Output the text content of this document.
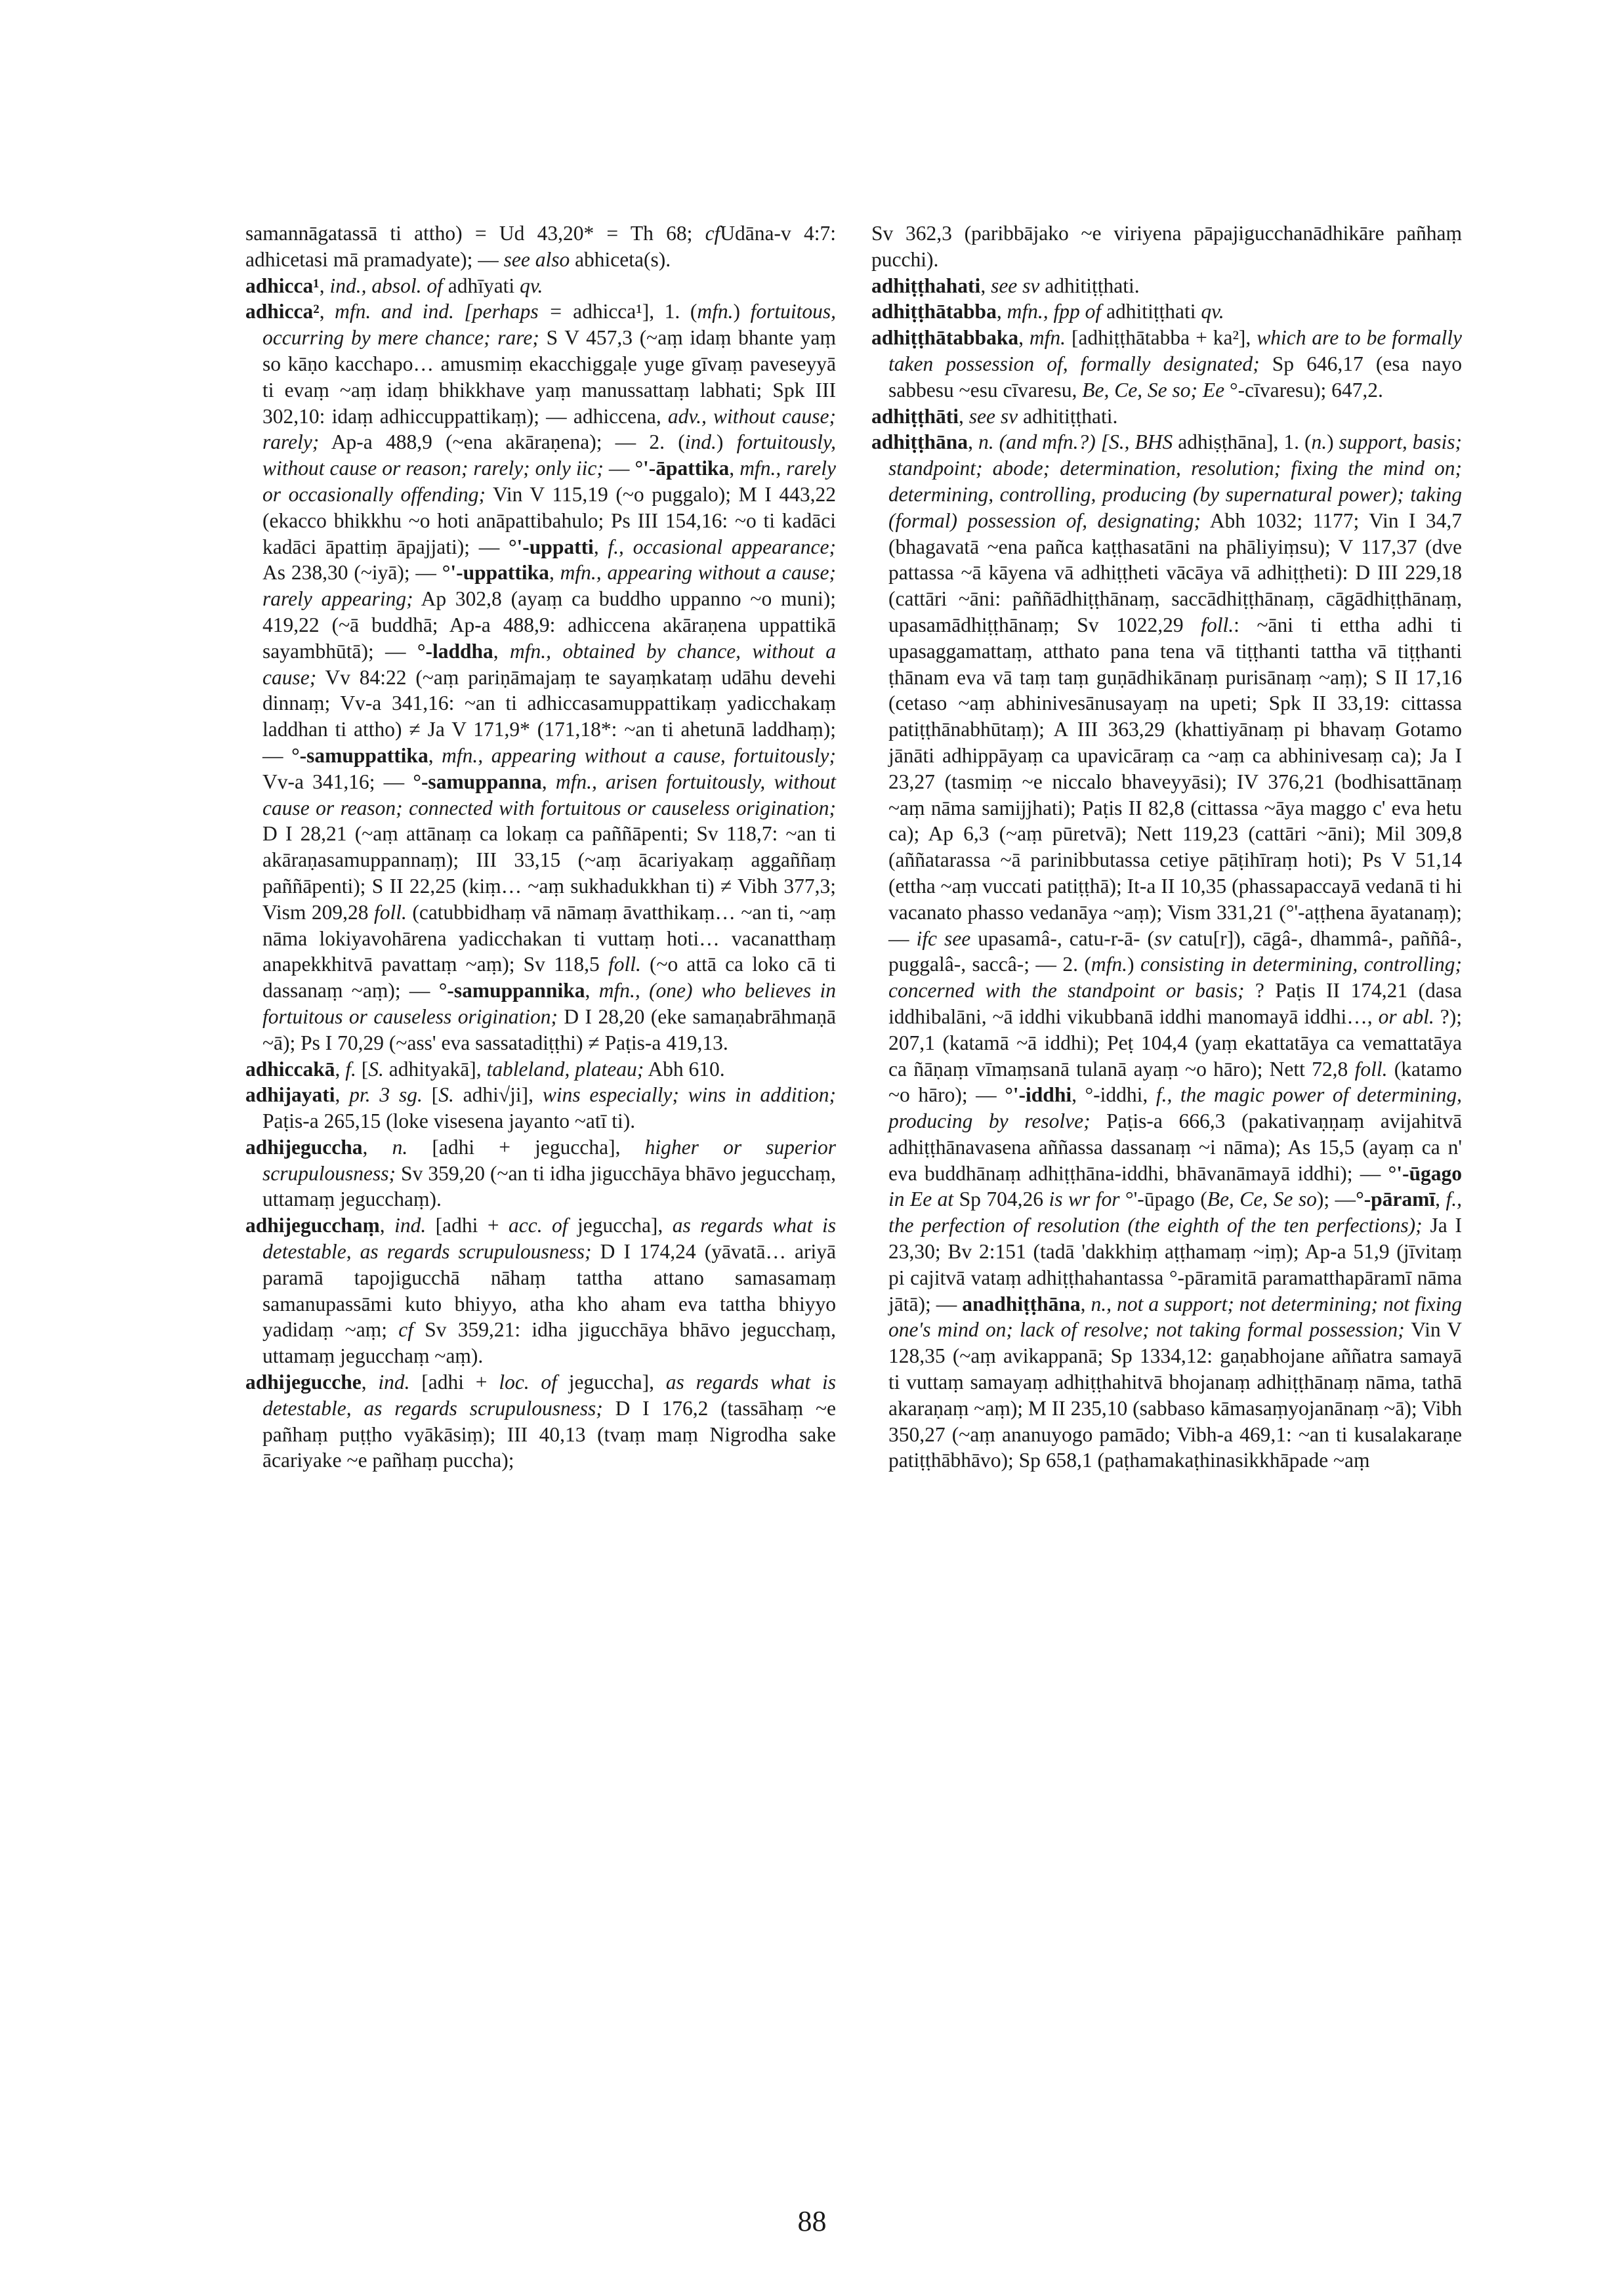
samannāgatassā ti attho) = Ud 43,20* = Th 68; cfUdāna-v 4:7: adhicetasi mā pramadyate); — see also abhiceta(s).

adhicca¹, ind., absol. of adhīyati qv.

adhicca², mfn. and ind. [perhaps = adhicca¹], 1. (mfn.) fortuitous, occurring by mere chance; rare; S V 457,3 (~aṃ idaṃ bhante yaṃ so kāṇo kacchapo… amusmiṃ ekacchiggaḷe yuge gīvaṃ paveseyyā ti evaṃ ~aṃ idaṃ bhikkhave yaṃ manussattaṃ labhati; Spk III 302,10: idaṃ adhiccuppattikaṃ); — adhiccena, adv., without cause; rarely; Ap-a 488,9 (~ena akāraṇena); — 2. (ind.) fortuitously, without cause or reason; rarely; only iic; — °'-āpattika, mfn., rarely or occasionally offending; Vin V 115,19 (~o puggalo); M I 443,22 (ekacco bhikkhu ~o hoti anāpattibahulo; Ps III 154,16: ~o ti kadāci kadāci āpattiṃ āpajjati); — °'-uppatti, f., occasional appearance; As 238,30 (~iyā); — °'-uppattika, mfn., appearing without a cause; rarely appearing; Ap 302,8 (ayaṃ ca buddho uppanno ~o muni); 419,22 (~ā buddhā; Ap-a 488,9: adhiccena akāraṇena uppattikā sayambhūtā); — °-laddha, mfn., obtained by chance, without a cause; Vv 84:22 (~aṃ pariṇāmajaṃ te sayaṃkataṃ udāhu devehi dinnaṃ; Vv-a 341,16: ~an ti adhiccasamuppattikaṃ yadicchakaṃ laddhan ti attho) ≠ Ja V 171,9* (171,18*: ~an ti ahetunā laddhaṃ); — °-samuppattika, mfn., appearing without a cause, fortuitously; Vv-a 341,16; — °-samuppanna, mfn., arisen fortuitously, without cause or reason; connected with fortuitous or causeless origination; D I 28,21 (~aṃ attānaṃ ca lokaṃ ca paññāpenti; Sv 118,7: ~an ti akāraṇasamuppannaṃ); III 33,15 (~aṃ ācariyakaṃ aggaññaṃ paññāpenti); S II 22,25 (kiṃ… ~aṃ sukhadukkhan ti) ≠ Vibh 377,3; Vism 209,28 foll. (catubbidhaṃ vā nāmaṃ āvatthikaṃ… ~an ti, ~aṃ nāma lokiyavohārena yadicchakan ti vuttaṃ hoti… vacanatthaṃ anapekkhitvā pavattaṃ ~aṃ); Sv 118,5 foll. (~o attā ca loko cā ti dassanaṃ ~aṃ); — °-samuppannika, mfn., (one) who believes in fortuitous or causeless origination; D I 28,20 (eke samaṇabrāhmaṇā ~ā); Ps I 70,29 (~ass' eva sassatadiṭṭhi) ≠ Paṭis-a 419,13.

adhiccakā, f. [S. adhityakā], tableland, plateau; Abh 610.

adhijayati, pr. 3 sg. [S. adhi√ji], wins especially; wins in addition; Paṭis-a 265,15 (loke visesena jayanto ~atī ti).

adhijeguccha, n. [adhi + jeguccha], higher or superior scrupulousness; Sv 359,20 (~an ti idha jigucchāya bhāvo jegucchaṃ, uttamaṃ jegucchaṃ).

adhijegucchaṃ, ind. [adhi + acc. of jeguccha], as regards what is detestable, as regards scrupulousness; D I 174,24 (yāvatā… ariyā paramā tapojigucchā nāhaṃ tattha attano samasamaṃ samanupassāmi kuto bhiyyo, atha kho aham eva tattha bhiyyo yadidaṃ ~aṃ; cf Sv 359,21: idha jigucchāya bhāvo jegucchaṃ, uttamaṃ jegucchaṃ ~aṃ).

adhijegucche, ind. [adhi + loc. of jeguccha], as regards what is detestable, as regards scrupulousness; D I 176,2 (tassāhaṃ ~e pañhaṃ puṭṭho vyākāsiṃ); III 40,13 (tvaṃ maṃ Nigrodha sake ācariyake ~e pañhaṃ puccha);

Sv 362,3 (paribbājako ~e viriyena pāpajigucchanādhikāre pañhaṃ pucchi).

adhiṭṭhahati, see sv adhitiṭṭhati.

adhiṭṭhātabba, mfn., fpp of adhitiṭṭhati qv.

adhiṭṭhātabbaka, mfn. [adhiṭṭhātabba + ka²], which are to be formally taken possession of, formally designated; Sp 646,17 (esa nayo sabbesu ~esu cīvaresu, Be, Ce, Se so; Ee °-cīvaresu); 647,2.

adhiṭṭhāti, see sv adhitiṭṭhati.

adhiṭṭhāna, n. (and mfn.?) [S., BHS adhiṣṭhāna], 1. (n.) support, basis; standpoint; abode; determination, resolution; fixing the mind on; determining, controlling, producing (by supernatural power); taking (formal) possession of, designating; Abh 1032; 1177; Vin I 34,7 (bhagavatā ~ena pañca kaṭṭhasatāni na phāliyiṃsu); V 117,37 (dve pattassa ~ā kāyena vā adhiṭṭheti vācāya vā adhiṭṭheti): D III 229,18 (cattāri ~āni: paññādhiṭṭhānaṃ, saccādhiṭṭhānaṃ, cāgādhiṭṭhānaṃ, upasamādhiṭṭhānaṃ; Sv 1022,29 foll.: ~āni ti ettha adhi ti upasaggamattaṃ, atthato pana tena vā tiṭṭhanti tattha vā tiṭṭhanti ṭhānam eva vā taṃ taṃ guṇādhikānaṃ purisānaṃ ~aṃ); S II 17,16 (cetaso ~aṃ abhinivesānusayaṃ na upeti; Spk II 33,19: cittassa patiṭṭhānabhūtaṃ); A III 363,29 (khattiyānaṃ pi bhavaṃ Gotamo jānāti adhippāyaṃ ca upavicāraṃ ca ~aṃ ca abhinivesaṃ ca); Ja I 23,27 (tasmiṃ ~e niccalo bhaveyyāsi); IV 376,21 (bodhisattānaṃ ~aṃ nāma samijjhati); Paṭis II 82,8 (cittassa ~āya maggo c' eva hetu ca); Ap 6,3 (~aṃ pūretvā); Nett 119,23 (cattāri ~āni); Mil 309,8 (aññatarassa ~ā parinibbutassa cetiye pāṭihīraṃ hoti); Ps V 51,14 (ettha ~aṃ vuccati patiṭṭhā); It-a II 10,35 (phassapaccayā vedanā ti hi vacanato phasso vedanāya ~aṃ); Vism 331,21 (°'-aṭṭhena āyatanaṃ); — ifc see upasamâ-, catu-r-ā- (sv catu[r]), cāgâ-, dhammâ-, paññâ-, puggalâ-, saccâ-; — 2. (mfn.) consisting in determining, controlling; concerned with the standpoint or basis; ? Paṭis II 174,21 (dasa iddhibalāni, ~ā iddhi vikubbanā iddhi manomayā iddhi…, or abl. ?); 207,1 (katamā ~ā iddhi); Peṭ 104,4 (yaṃ ekattatāya ca vemattatāya ca ñāṇaṃ vīmaṃsanā tulanā ayaṃ ~o hāro); Nett 72,8 foll. (katamo ~o hāro); — °'-iddhi, °-iddhi, f., the magic power of determining, producing by resolve; Paṭis-a 666,3 (pakativaṇṇaṃ avijahitvā adhiṭṭhānavasena aññassa dassanaṃ ~i nāma); As 15,5 (ayaṃ ca n' eva buddhānaṃ adhiṭṭhāna-iddhi, bhāvanāmayā iddhi); — °'-ūgago in Ee at Sp 704,26 is wr for °'-ūpago (Be, Ce, Se so); —°-pāramī, f., the perfection of resolution (the eighth of the ten perfections); Ja I 23,30; Bv 2:151 (tadā 'dakkhiṃ aṭṭhamaṃ ~iṃ); Ap-a 51,9 (jīvitaṃ pi cajitvā vataṃ adhiṭṭhahantassa °-pāramitā paramatthapāramī nāma jātā); — anadhiṭṭhāna, n., not a support; not determining; not fixing one's mind on; lack of resolve; not taking formal possession; Vin V 128,35 (~aṃ avikappanā; Sp 1334,12: gaṇabhojane aññatra samayā ti vuttaṃ samayaṃ adhiṭṭhahitvā bhojanaṃ adhiṭṭhānaṃ nāma, tathā akaraṇaṃ ~aṃ); M II 235,10 (sabbaso kāmasaṃyojanānaṃ ~ā); Vibh 350,27 (~aṃ ananuyogo pamādo; Vibh-a 469,1: ~an ti kusalakaraṇe patiṭṭhābhāvo); Sp 658,1 (paṭhamakaṭhinasikkhāpade ~aṃ

88
